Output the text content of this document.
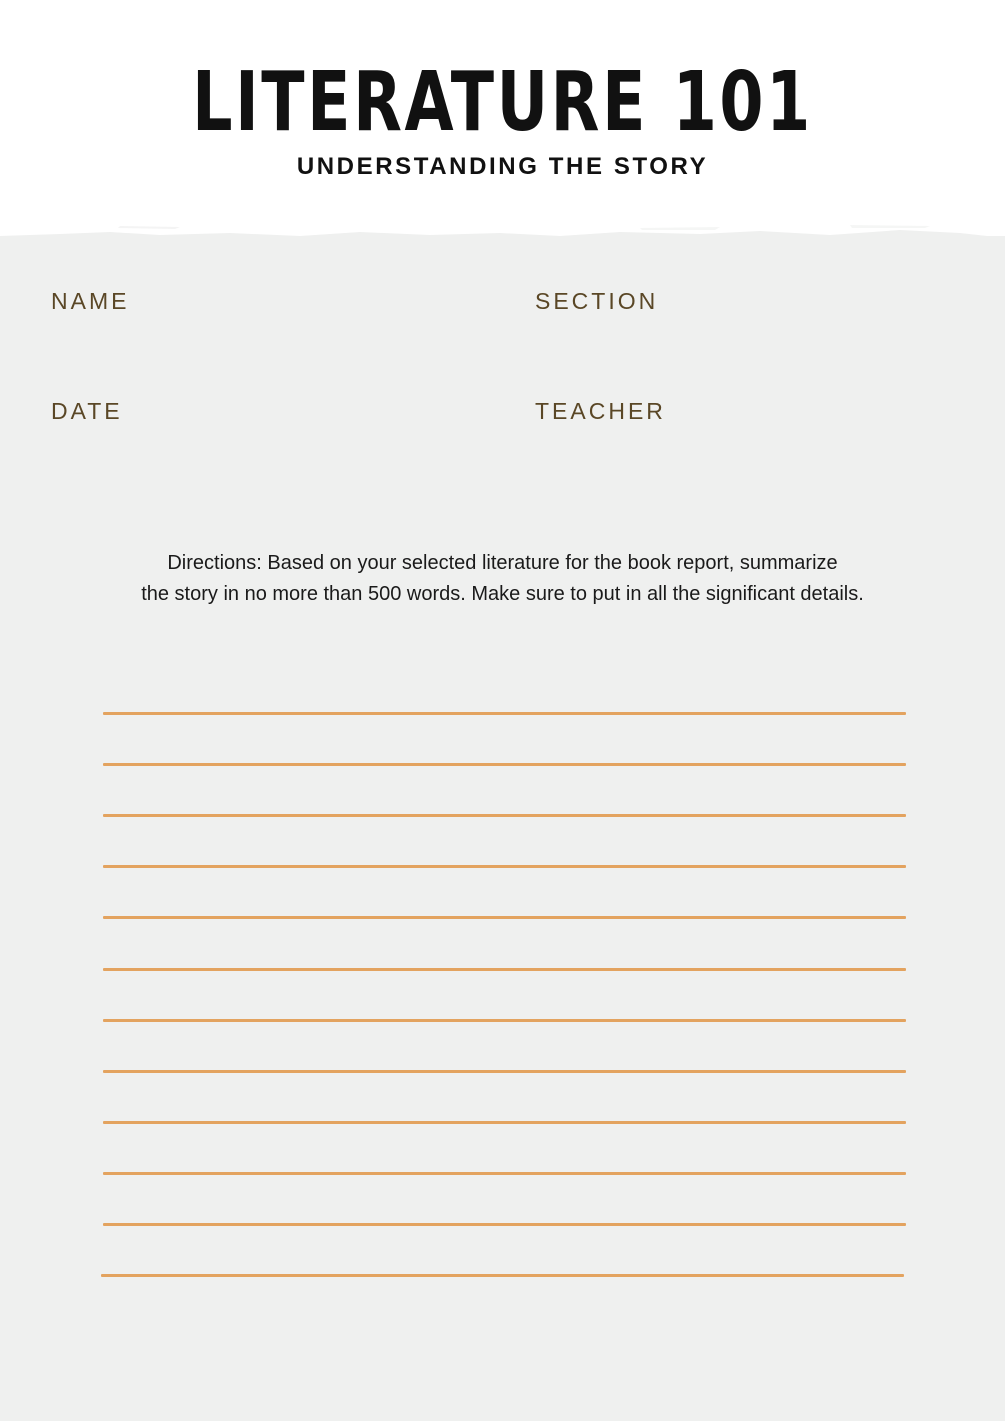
LITERATURE 101
UNDERSTANDING THE STORY
NAME	SECTION
DATE	TEACHER
Directions: Based on your selected literature for the book report, summarize
the story in no more than 500 words. Make sure to put in all the significant details.
